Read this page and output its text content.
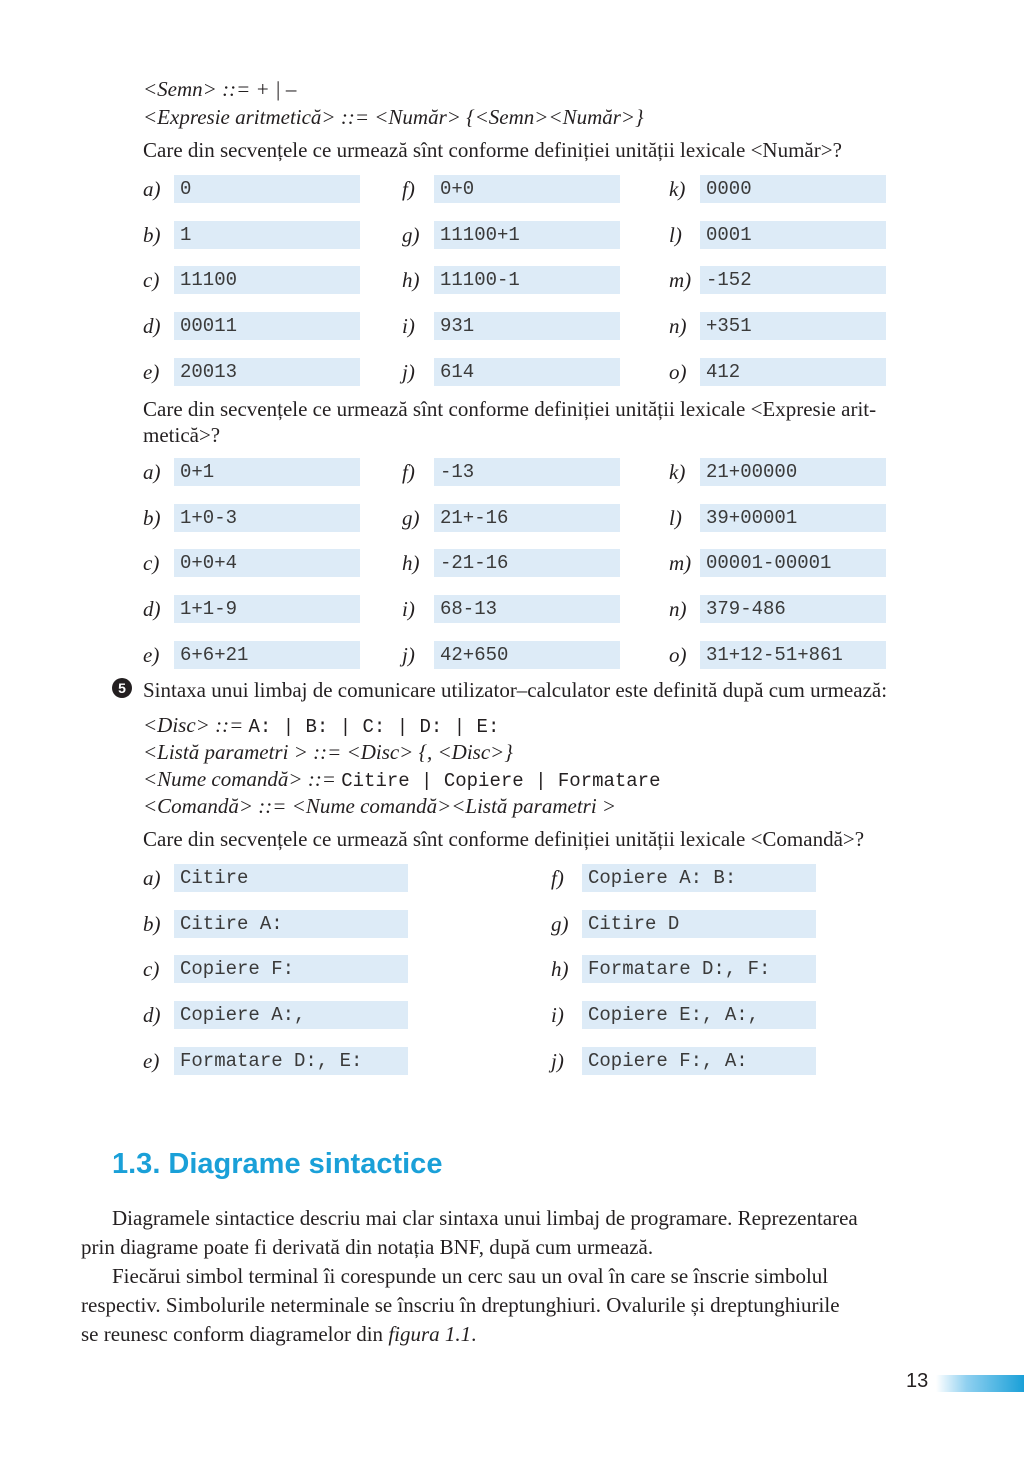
<Semn> ::= + | –
<Expresie aritmetică> ::= <Număr> {<Semn><Număr>}
Care din secvențele ce urmează sînt conforme definiției unității lexicale <Număr>?
a)	0
b)	1
c)	11100
d)	00011
e)	20013
f)	0+0
g)	11100+1
h)	11100-1
i)	931
j)	614
k)	0000
l)	0001
m) -152
n)	+351
o)	412
Care din secvențele ce urmează sînt conforme definiției unității lexicale <Expresie arit-
metică>?
a)	0+1
b)	1+0-3
c)	0+0+4
d)	1+1-9
e)	6+6+21
f)	-13
g)	21+-16
h)	-21-16
i)	68-13
j)	42+650
k)	21+00000
l)	39+00001
m) 00001-00001
n)	379-486
o)	31+12-51+861
5 Sintaxa unui limbaj de comunicare utilizator–calculator este definită după cum urmează:
<Disc> ::= A: | B: | C: | D: | E:
<Listă parametri > ::= <Disc> {, <Disc>}
<Nume comandă> ::= Citire | Copiere | Formatare
<Comandă> ::= <Nume comandă><Listă parametri >
Care din secvențele ce urmează sînt conforme definiției unității lexicale <Comandă>?
a)	Citire
b)	Citire A:
c)	Copiere F:
d)	Copiere A:,
e)	Formatare D:, E:
f)	Copiere A: B:
g)	Citire D
h)	Formatare D:, F:
i)	Copiere E:, A:,
j)	Copiere F:, A:
1.3. Diagrame sintactice
Diagramele sintactice descriu mai clar sintaxa unui limbaj de programare. Reprezentarea
prin diagrame poate fi derivată din notația BNF, după cum urmează.
Fiecărui simbol terminal îi corespunde un cerc sau un oval în care se înscrie simbolul
respectiv. Simbolurile neterminale se înscriu în dreptunghiuri. Ovalurile și dreptunghiurile
se reunesc conform diagramelor din figura 1.1.
13
